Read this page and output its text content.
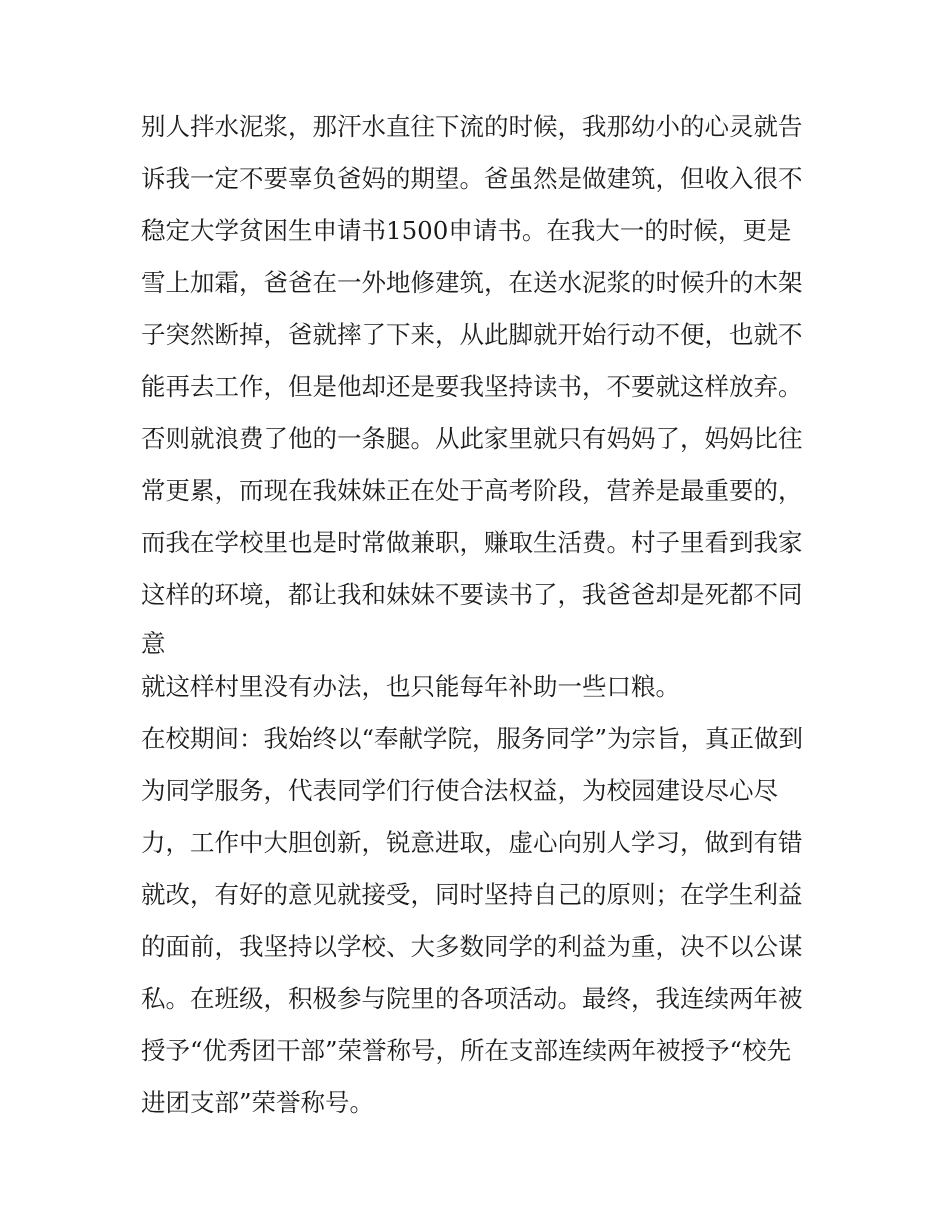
别人拌水泥浆，那汗水直往下流的时候，我那幼小的心灵就告
诉我一定不要辜负爸妈的期望。爸虽然是做建筑，但收入很不
稳定大学贫困生申请书1500申请书。在我大一的时候，更是
雪上加霜，爸爸在一外地修建筑，在送水泥浆的时候升的木架
子突然断掉，爸就摔了下来，从此脚就开始行动不便，也就不
能再去工作，但是他却还是要我坚持读书，不要就这样放弃。
否则就浪费了他的一条腿。从此家里就只有妈妈了，妈妈比往
常更累，而现在我妹妹正在处于高考阶段，营养是最重要的，
而我在学校里也是时常做兼职，赚取生活费。村子里看到我家
这样的环境，都让我和妹妹不要读书了，我爸爸却是死都不同
意
就这样村里没有办法，也只能每年补助一些口粮。
在校期间：我始终以“奉献学院，服务同学”为宗旨，真正做到
为同学服务，代表同学们行使合法权益，为校园建设尽心尽
力，工作中大胆创新，锐意进取，虚心向别人学习，做到有错
就改，有好的意见就接受，同时坚持自己的原则；在学生利益
的面前，我坚持以学校、大多数同学的利益为重，决不以公谋
私。在班级，积极参与院里的各项活动。最终，我连续两年被
授予“优秀团干部”荣誉称号，所在支部连续两年被授予“校先
进团支部”荣誉称号。
